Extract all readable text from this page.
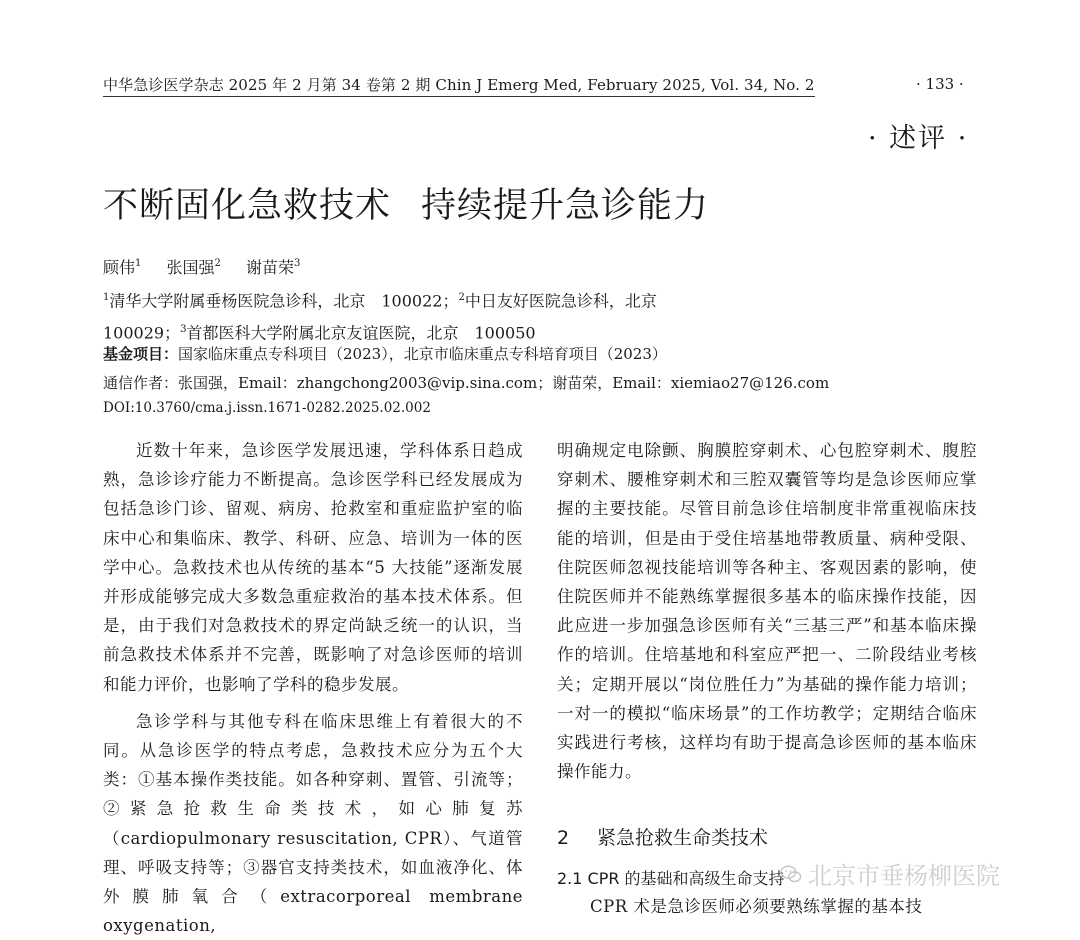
中华急诊医学杂志 2025 年 2 月第 34 卷第 2 期 Chin J Emerg Med, February 2025, Vol. 34, No. 2	· 133 ·
· 述评 ·
不断固化急救技术 持续提升急诊能力
顾伟$^1$ 张国强$^2$ 谢苗荣$^3$
$^1$清华大学附属垂杨医院急诊科，北京　100022；$^2$中日友好医院急诊科，北京　100029；$^3$首都医科大学附属北京友谊医院，北京　100050
基金项目：国家临床重点专科项目（2023），北京市临床重点专科培育项目（2023）
通信作者：张国强，Email：zhangchong2003@vip.sina.com；谢苗荣，Email：xiemiao27@126.com
DOI:10.3760/cma.j.issn.1671-0282.2025.02.002

近数十年来，急诊医学发展迅速，学科体系日趋成熟，急诊诊疗能力不断提高。急诊医学科已经发展成为包括急诊门诊、留观、病房、抢救室和重症监护室的临床中心和集临床、教学、科研、应急、培训为一体的医学中心。急救技术也从传统的基本“5 大技能”逐渐发展并形成能够完成大多数急重症救治的基本技术体系。但是，由于我们对急救技术的界定尚缺乏统一的认识，当前急救技术体系并不完善，既影响了对急诊医师的培训和能力评价，也影响了学科的稳步发展。

急诊学科与其他专科在临床思维上有着很大的不同。从急诊医学的特点考虑，急救技术应分为五个大类：①基本操作类技能。如各种穿刺、置管、引流等；②紧急抢救生命类技术，如心肺复苏（cardiopulmonary resuscitation, CPR）、气道管理、呼吸支持等；③器官支持类技术，如血液净化、体外膜肺氧合（extracorporeal membrane oxygenation,

明确规定电除颤、胸膜腔穿刺术、心包腔穿刺术、腹腔穿刺术、腰椎穿刺术和三腔双囊管等均是急诊医师应掌握的主要技能。尽管目前急诊住培制度非常重视临床技能的培训，但是由于受住培基地带教质量、病种受限、住院医师忽视技能培训等各种主、客观因素的影响，使住院医师并不能熟练掌握很多基本的临床操作技能，因此应进一步加强急诊医师有关“三基三严”和基本临床操作的培训。住培基地和科室应严把一、二阶段结业考核关；定期开展以“岗位胜任力”为基础的操作能力培训；一对一的模拟“临床场景”的工作坊教学；定期结合临床实践进行考核，这样均有助于提高急诊医师的基本临床操作能力。

2 紧急抢救生命类技术
2.1 CPR 的基础和高级生命支持
CPR 术是急诊医师必须要熟练掌握的基本技
北京市垂杨柳医院
